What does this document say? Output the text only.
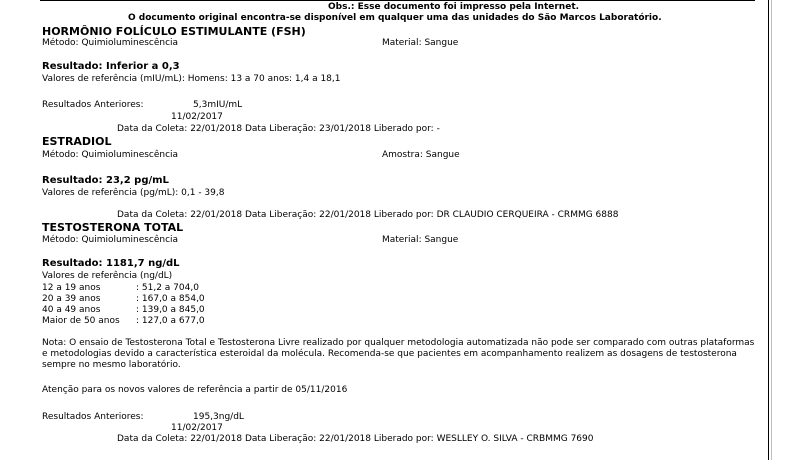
Obs.: Esse documento foi impresso pela Internet.
O documento original encontra-se disponível em qualquer uma das unidades do São Marcos Laboratório.
HORMÔNIO FOLÍCULO ESTIMULANTE (FSH)
Método: Quimioluminescência	Material: Sangue
Resultado: Inferior a 0,3
Valores de referência (mIU/mL): Homens: 13 a 70 anos: 1,4 a 18,1
Resultados Anteriores:	5,3mIU/mL
11/02/2017
Data da Coleta: 22/01/2018 Data Liberação: 23/01/2018 Liberado por: -
ESTRADIOL
Método: Quimioluminescência	Amostra: Sangue
Resultado: 23,2 pg/mL
Valores de referência (pg/mL): 0,1 - 39,8
Data da Coleta: 22/01/2018 Data Liberação: 22/01/2018 Liberado por: DR CLAUDIO CERQUEIRA - CRMMG 6888
TESTOSTERONA TOTAL
Método: Quimioluminescência	Material: Sangue
Resultado: 1181,7 ng/dL
Valores de referência (ng/dL)
12 a 19 anos	: 51,2 a 704,0
20 a 39 anos	: 167,0 a 854,0
40 a 49 anos	: 139,0 a 845,0
Maior de 50 anos	: 127,0 a 677,0
Nota: O ensaio de Testosterona Total e Testosterona Livre realizado por qualquer metodologia automatizada não pode ser comparado com outras plataformas e metodologias devido a característica esteroidal da molécula. Recomenda-se que pacientes em acompanhamento realizem as dosagens de testosterona sempre no mesmo laboratório.
Atenção para os novos valores de referência a partir de 05/11/2016
Resultados Anteriores:	195,3ng/dL
11/02/2017
Data da Coleta: 22/01/2018 Data Liberação: 22/01/2018 Liberado por: WESLLEY O. SILVA - CRBMMG 7690
